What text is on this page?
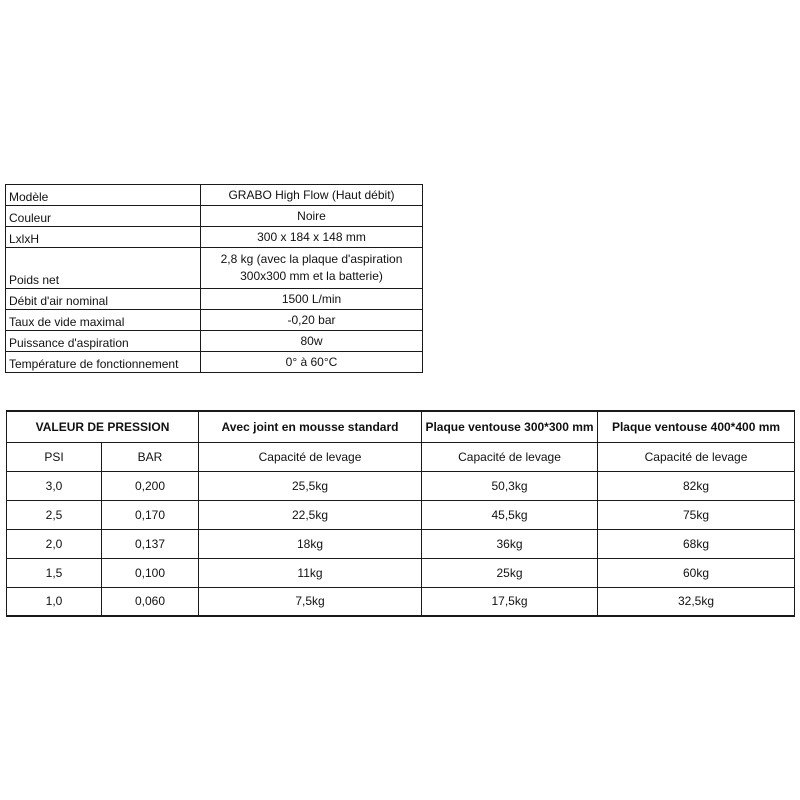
Modèle	GRABO High Flow (Haut débit)
Couleur	Noire
LxlxH	300 x 184 x 148 mm
Poids net	2,8 kg (avec la plaque d'aspiration
300x300 mm et la batterie)

Débit d'air nominal	1500 L/min
Taux de vide maximal	-0,20 bar
Puissance d'aspiration	80w
Température de fonctionnement	0° à 60°C
VALEUR DE PRESSION		Avec joint en mousse standard	Plaque ventouse 300*300 mm	Plaque ventouse 400*400 mm
PSI	BAR	Capacité de levage	Capacité de levage	Capacité de levage
3,0	0,200	25,5kg	50,3kg	82kg
2,5	0,170	22,5kg	45,5kg	75kg
2,0	0,137	18kg	36kg	68kg
1,5	0,100	11kg	25kg	60kg
1,0	0,060	7,5kg	17,5kg	32,5kg
